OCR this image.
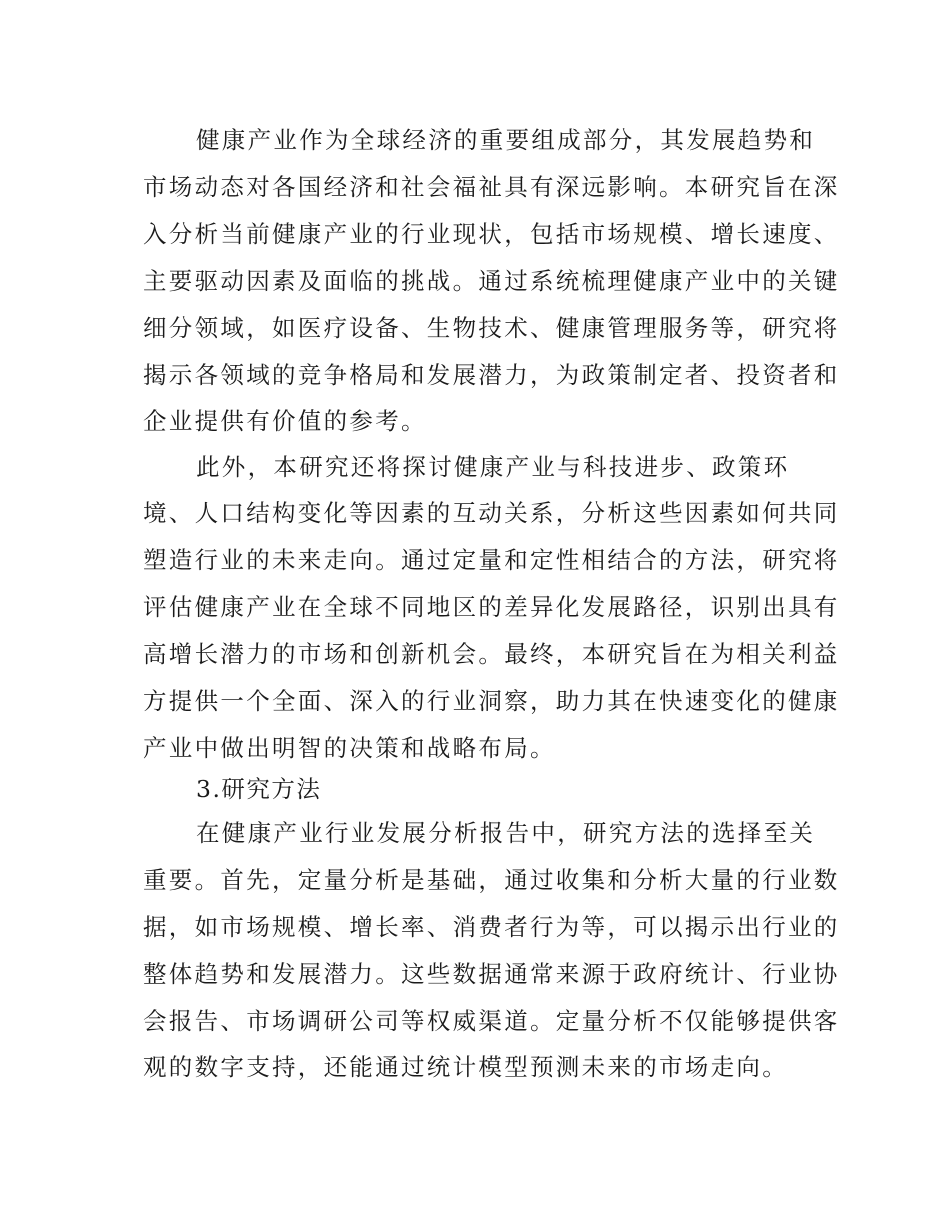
健康产业作为全球经济的重要组成部分，其发展趋势和
市场动态对各国经济和社会福祉具有深远影响。本研究旨在深
入分析当前健康产业的行业现状，包括市场规模、增长速度、
主要驱动因素及面临的挑战。通过系统梳理健康产业中的关键
细分领域，如医疗设备、生物技术、健康管理服务等，研究将
揭示各领域的竞争格局和发展潜力，为政策制定者、投资者和
企业提供有价值的参考。
此外，本研究还将探讨健康产业与科技进步、政策环
境、人口结构变化等因素的互动关系，分析这些因素如何共同
塑造行业的未来走向。通过定量和定性相结合的方法，研究将
评估健康产业在全球不同地区的差异化发展路径，识别出具有
高增长潜力的市场和创新机会。最终，本研究旨在为相关利益
方提供一个全面、深入的行业洞察，助力其在快速变化的健康
产业中做出明智的决策和战略布局。
3.研究方法
在健康产业行业发展分析报告中，研究方法的选择至关
重要。首先，定量分析是基础，通过收集和分析大量的行业数
据，如市场规模、增长率、消费者行为等，可以揭示出行业的
整体趋势和发展潜力。这些数据通常来源于政府统计、行业协
会报告、市场调研公司等权威渠道。定量分析不仅能够提供客
观的数字支持，还能通过统计模型预测未来的市场走向。
